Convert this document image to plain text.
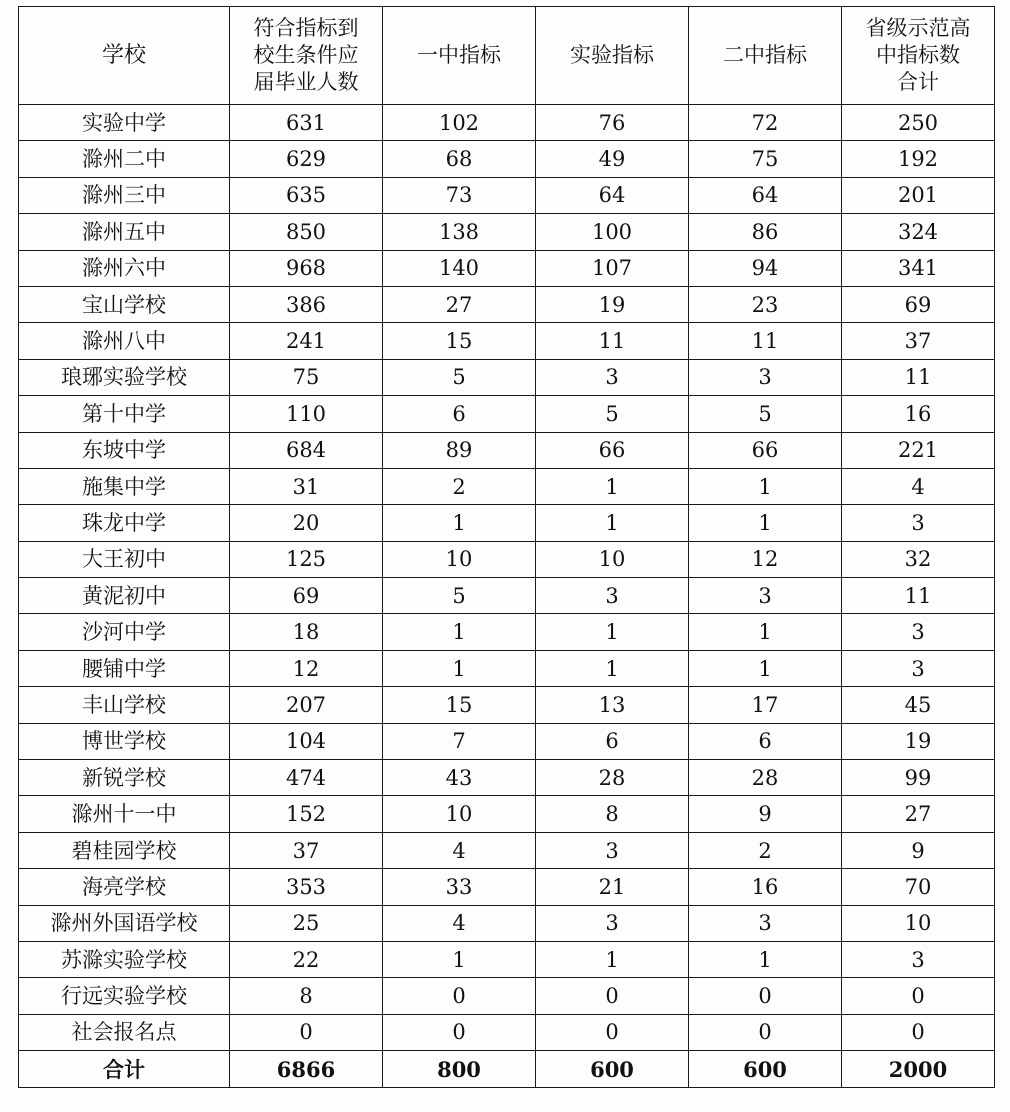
学校	符合指标到
校生条件应
届毕业人数	一中指标	实验指标	二中指标	省级示范高
中指标数
合计

实验中学	631	102	76	72	250
滁州二中	629	68	49	75	192
滁州三中	635	73	64	64	201
滁州五中	850	138	100	86	324
滁州六中	968	140	107	94	341
宝山学校	386	27	19	23	69
滁州八中	241	15	11	11	37
琅琊实验学校	75	5	3	3	11
第十中学	110	6	5	5	16
东坡中学	684	89	66	66	221
施集中学	31	2	1	1	4
珠龙中学	20	1	1	1	3
大王初中	125	10	10	12	32
黄泥初中	69	5	3	3	11
沙河中学	18	1	1	1	3
腰铺中学	12	1	1	1	3
丰山学校	207	15	13	17	45
博世学校	104	7	6	6	19
新锐学校	474	43	28	28	99
滁州十一中	152	10	8	9	27
碧桂园学校	37	4	3	2	9
海亮学校	353	33	21	16	70
滁州外国语学校	25	4	3	3	10
苏滁实验学校	22	1	1	1	3
行远实验学校	8	0	0	0	0
社会报名点	0	0	0	0	0
合计	6866	800	600	600	2000
